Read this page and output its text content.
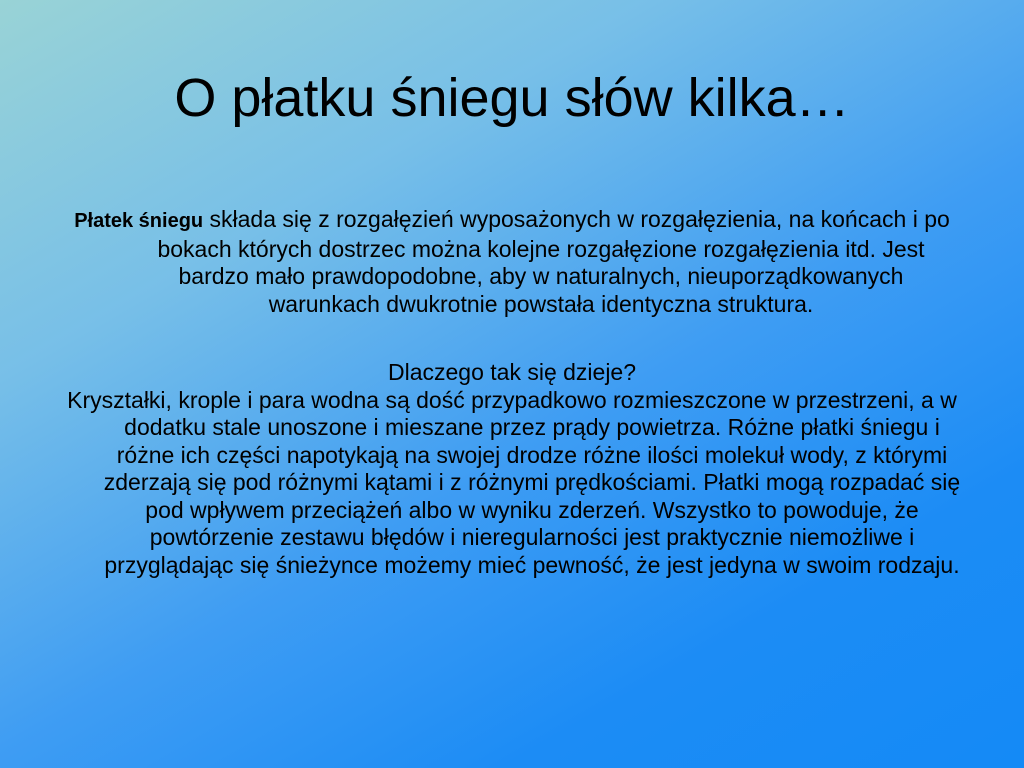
O płatku śniegu słów kilka…

Płatek śniegu składa się z rozgałęzień wyposażonych w rozgałęzienia, na końcach i po bokach których dostrzec można kolejne rozgałęzione rozgałęzienia itd. Jest bardzo mało prawdopodobne, aby w naturalnych, nieuporządkowanych warunkach dwukrotnie powstała identyczna struktura.

Dlaczego tak się dzieje?

Kryształki, krople i para wodna są dość przypadkowo rozmieszczone w przestrzeni, a w dodatku stale unoszone i mieszane przez prądy powietrza. Różne płatki śniegu i różne ich części napotykają na swojej drodze różne ilości molekuł wody, z którymi zderzają się pod różnymi kątami i z różnymi prędkościami. Płatki mogą rozpadać się pod wpływem przeciążeń albo w wyniku zderzeń. Wszystko to powoduje, że powtórzenie zestawu błędów i nieregularności jest praktycznie niemożliwe i przyglądając się śnieżynce możemy mieć pewność, że jest jedyna w swoim rodzaju.
